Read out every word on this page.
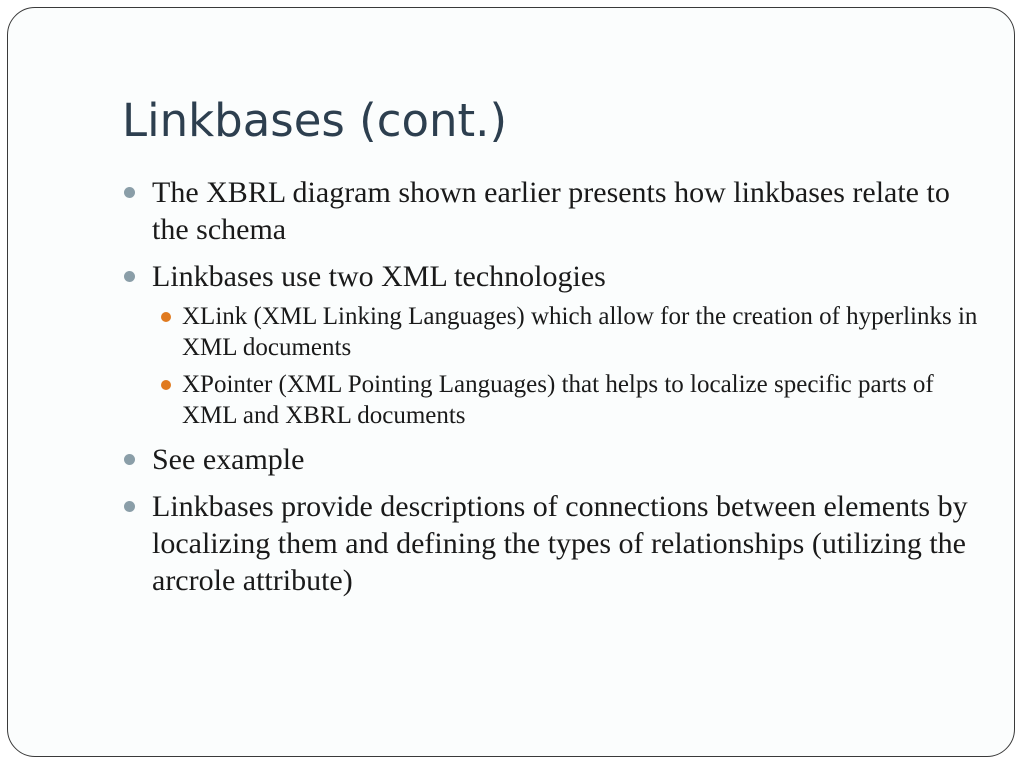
Linkbases (cont.)
The XBRL diagram shown earlier presents how linkbases relate to the schema
Linkbases use two XML technologies
XLink (XML Linking Languages) which allow for the creation of hyperlinks in XML documents
XPointer (XML Pointing Languages) that helps to localize specific parts of XML and XBRL documents
See example
Linkbases provide descriptions of connections between elements by localizing them and defining the types of relationships (utilizing the arcrole attribute)
